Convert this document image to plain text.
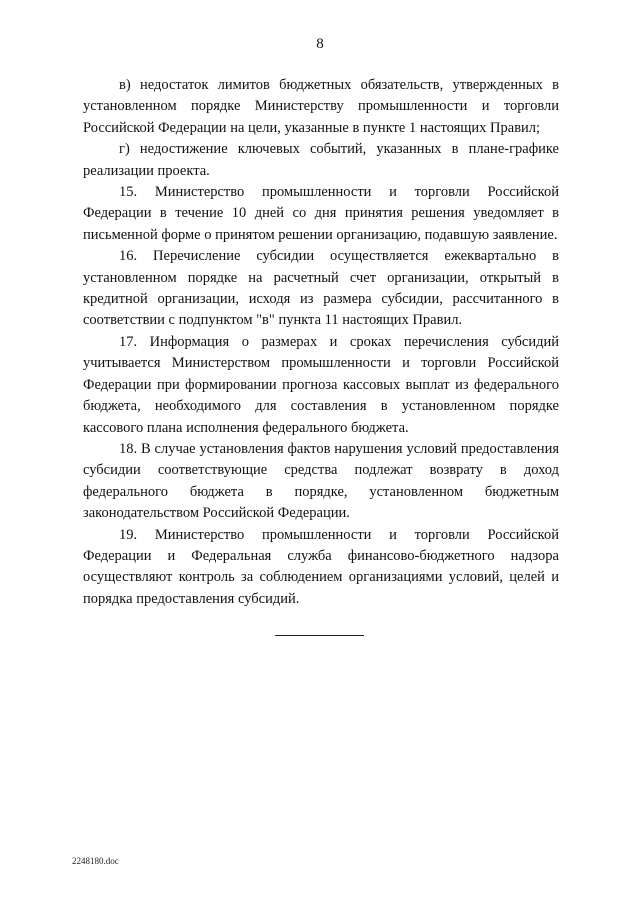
8

в) недостаток лимитов бюджетных обязательств, утвержденных в установленном порядке Министерству промышленности и торговли Российской Федерации на цели, указанные в пункте 1 настоящих Правил;

г) недостижение ключевых событий, указанных в плане-графике реализации проекта.

15. Министерство промышленности и торговли Российской Федерации в течение 10 дней со дня принятия решения уведомляет в письменной форме о принятом решении организацию, подавшую заявление.

16. Перечисление субсидии осуществляется ежеквартально в установленном порядке на расчетный счет организации, открытый в кредитной организации, исходя из размера субсидии, рассчитанного в соответствии с подпунктом "в" пункта 11 настоящих Правил.

17. Информация о размерах и сроках перечисления субсидий учитывается Министерством промышленности и торговли Российской Федерации при формировании прогноза кассовых выплат из федерального бюджета, необходимого для составления в установленном порядке кассового плана исполнения федерального бюджета.

18. В случае установления фактов нарушения условий предоставления субсидии соответствующие средства подлежат возврату в доход федерального бюджета в порядке, установленном бюджетным законодательством Российской Федерации.

19. Министерство промышленности и торговли Российской Федерации и Федеральная служба финансово-бюджетного надзора осуществляют контроль за соблюдением организациями условий, целей и порядка предоставления субсидий.

2248180.doc
